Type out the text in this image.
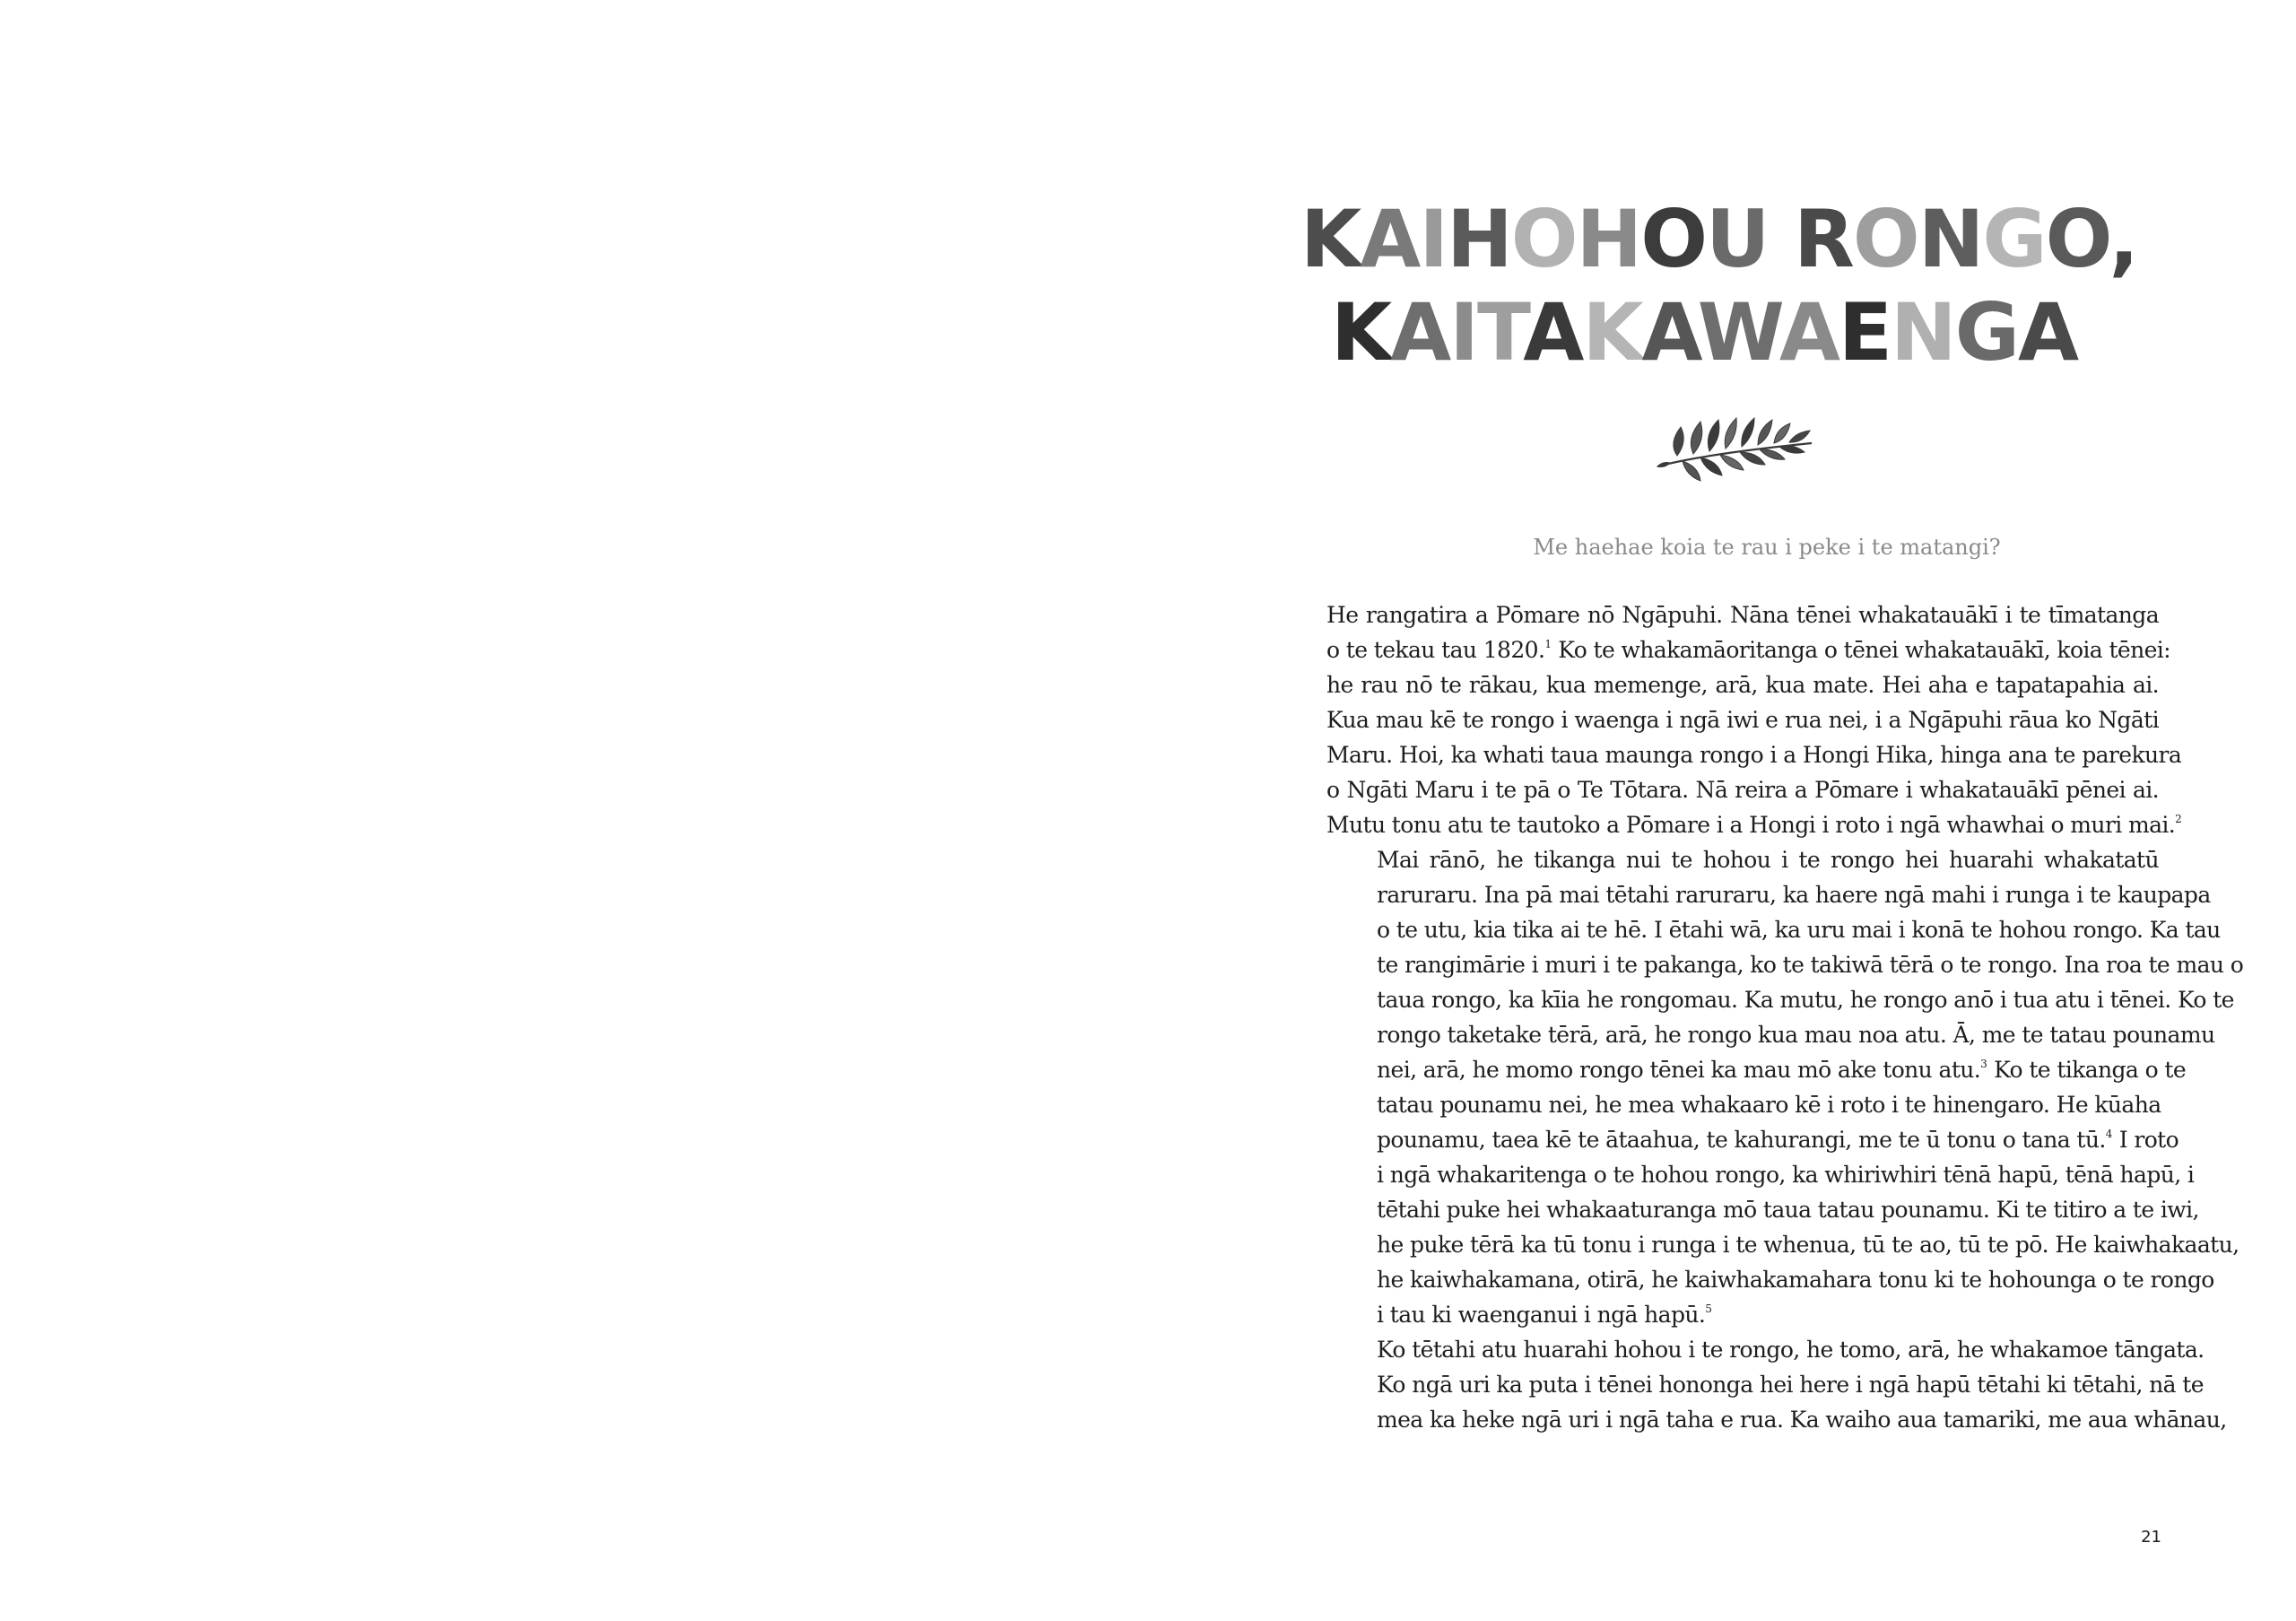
KAIHOHOU RONGO,
KAITAKAWAENGA

Me haehae koia te rau i peke i te matangi?

He rangatira a Pōmare nō Ngāpuhi. Nāna tēnei whakatauākī i te tīmatanga
o te tekau tau 1820.$^1$ Ko te whakamāoritanga o tēnei whakatauākī, koia tēnei:
he rau nō te rākau, kua memenge, arā, kua mate. Hei aha e tapatapahia ai.
Kua mau kē te rongo i waenga i ngā iwi e rua nei, i a Ngāpuhi rāua ko Ngāti
Maru. Hoi, ka whati taua maunga rongo i a Hongi Hika, hinga ana te parekura
o Ngāti Maru i te pā o Te Tōtara. Nā reira a Pōmare i whakatauākī pēnei ai.
Mutu tonu atu te tautoko a Pōmare i a Hongi i roto i ngā whawhai o muri mai.$^2$

Mai rānō, he tikanga nui te hohou i te rongo hei huarahi whakatatū
raruraru. Ina pā mai tētahi raruraru, ka haere ngā mahi i runga i te kaupapa
o te utu, kia tika ai te hē. I ētahi wā, ka uru mai i konā te hohou rongo. Ka tau
te rangimārie i muri i te pakanga, ko te takiwā tērā o te rongo. Ina roa te mau o
taua rongo, ka kīia he rongomau. Ka mutu, he rongo anō i tua atu i tēnei. Ko te
rongo taketake tērā, arā, he rongo kua mau noa atu. Ā, me te tatau pounamu
nei, arā, he momo rongo tēnei ka mau mō ake tonu atu.$^3$ Ko te tikanga o te
tatau pounamu nei, he mea whakaaro kē i roto i te hinengaro. He kūaha
pounamu, taea kē te ātaahua, te kahurangi, me te ū tonu o tana tū.$^4$ I roto
i ngā whakaritenga o te hohou rongo, ka whiriwhiri tēnā hapū, tēnā hapū, i
tētahi puke hei whakaaturanga mō taua tatau pounamu. Ki te titiro a te iwi,
he puke tērā ka tū tonu i runga i te whenua, tū te ao, tū te pō. He kaiwhakaatu,
he kaiwhakamana, otirā, he kaiwhakamahara tonu ki te hohounga o te rongo
i tau ki waenganui i ngā hapū.$^5$

Ko tētahi atu huarahi hohou i te rongo, he tomo, arā, he whakamoe tāngata.
Ko ngā uri ka puta i tēnei hononga hei here i ngā hapū tētahi ki tētahi, nā te
mea ka heke ngā uri i ngā taha e rua. Ka waiho aua tamariki, me aua whānau,

21
